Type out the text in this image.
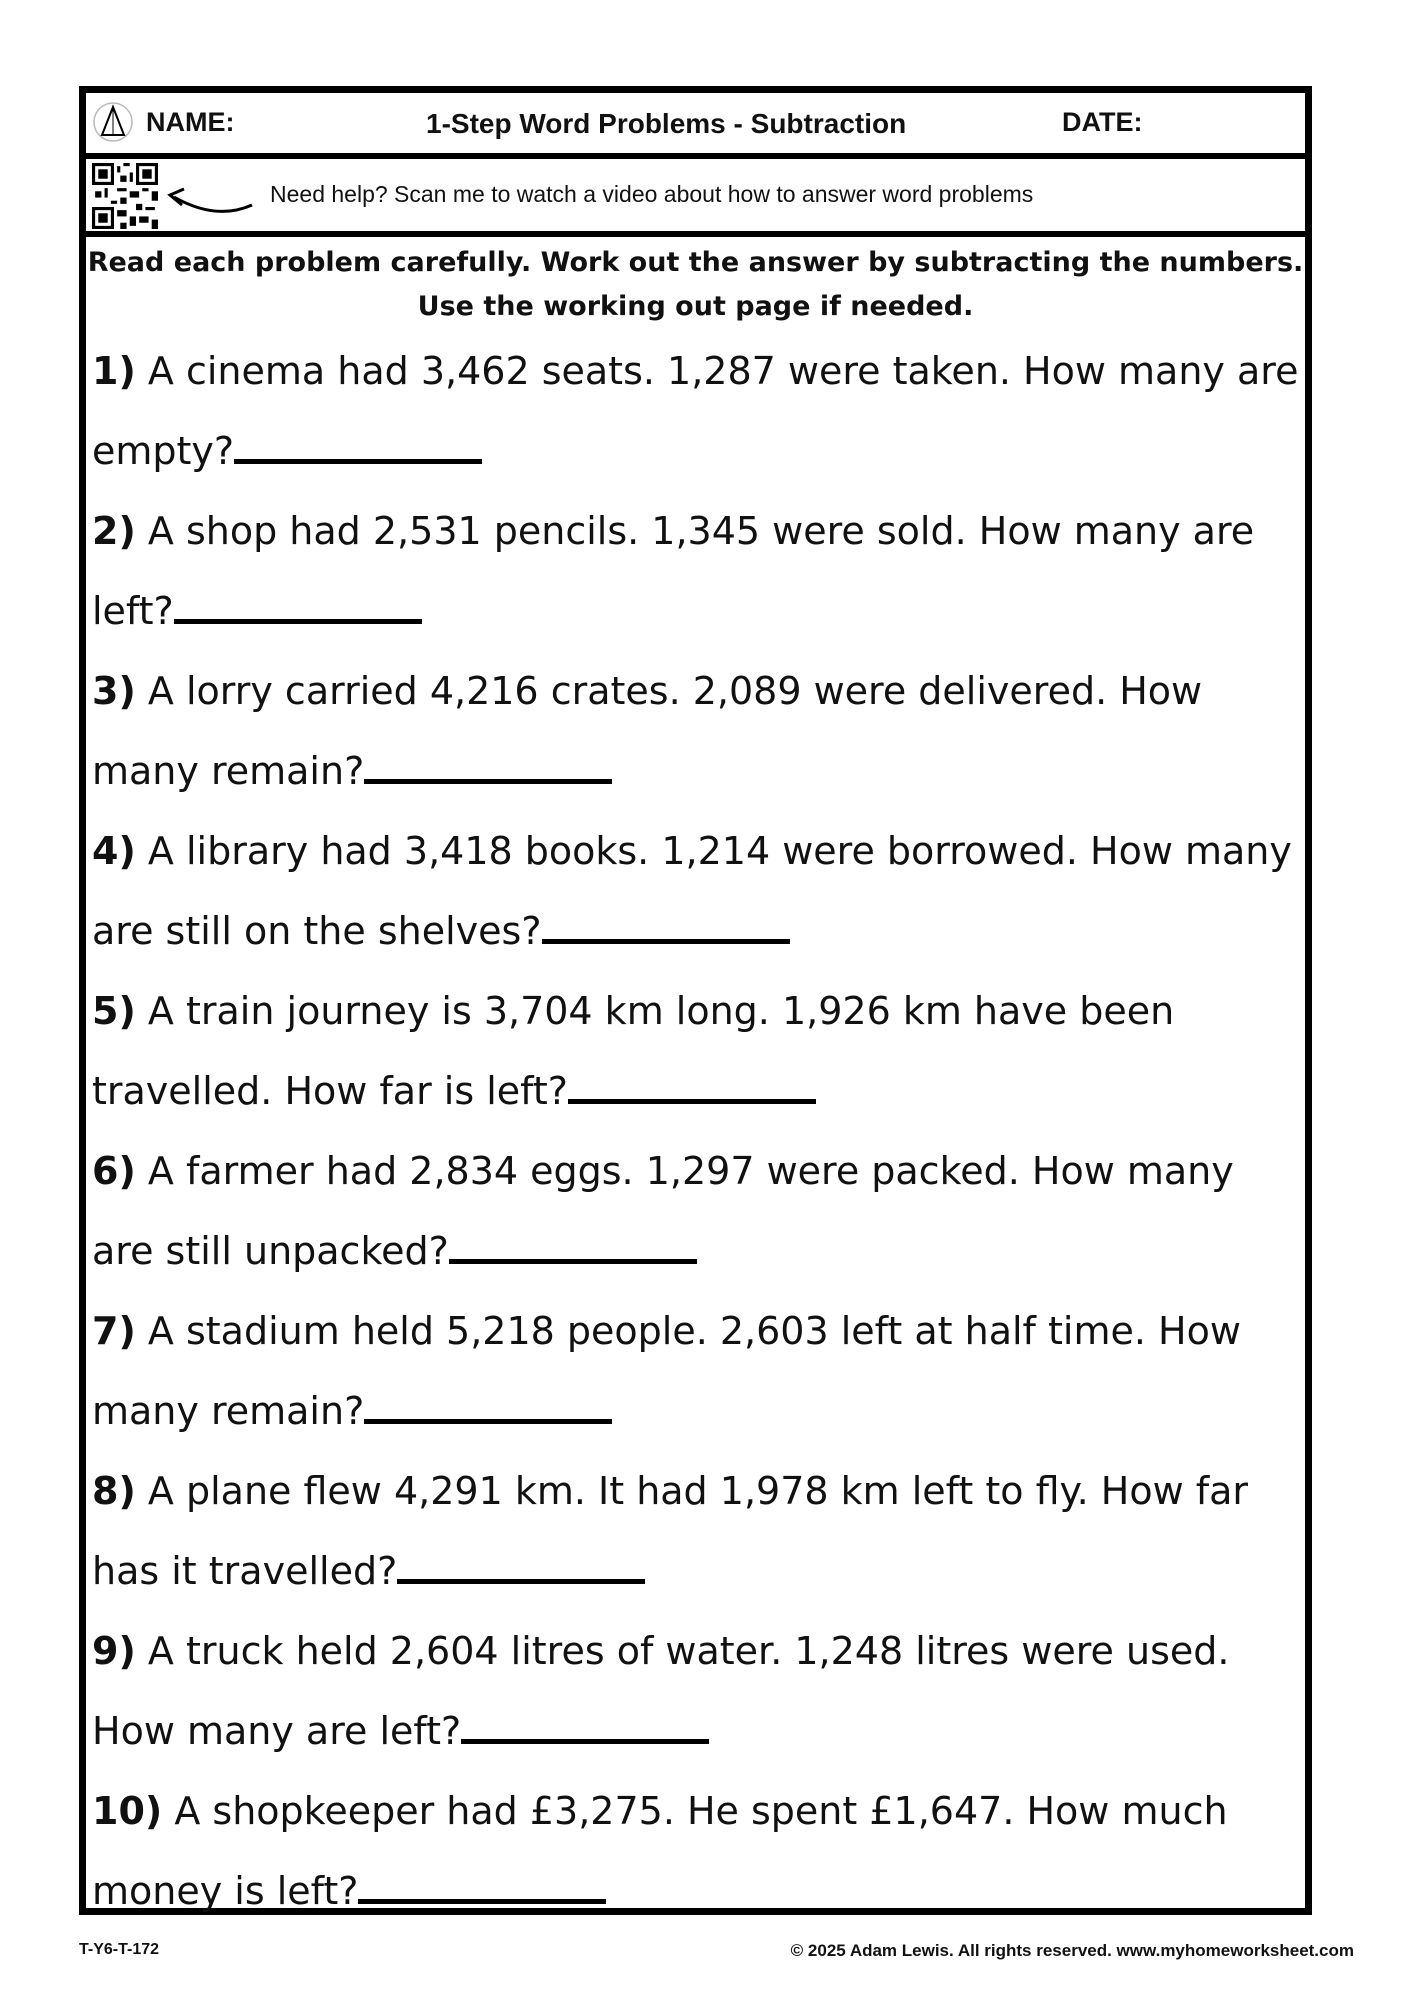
NAME:	1-Step Word Problems - Subtraction	DATE:
Need help? Scan me to watch a video about how to answer word problems
Read each problem carefully. Work out the answer by subtracting the numbers.
Use the working out page if needed.
1) A cinema had 3,462 seats. 1,287 were taken. How many are empty?
2) A shop had 2,531 pencils. 1,345 were sold. How many are left?
3) A lorry carried 4,216 crates. 2,089 were delivered. How many remain?
4) A library had 3,418 books. 1,214 were borrowed. How many are still on the shelves?
5) A train journey is 3,704 km long. 1,926 km have been travelled. How far is left?
6) A farmer had 2,834 eggs. 1,297 were packed. How many are still unpacked?
7) A stadium held 5,218 people. 2,603 left at half time. How many remain?
8) A plane flew 4,291 km. It had 1,978 km left to fly. How far has it travelled?
9) A truck held 2,604 litres of water. 1,248 litres were used. How many are left?
10) A shopkeeper had £3,275. He spent £1,647. How much money is left?
T-Y6-T-172	© 2025 Adam Lewis. All rights reserved. www.myhomeworksheet.com
